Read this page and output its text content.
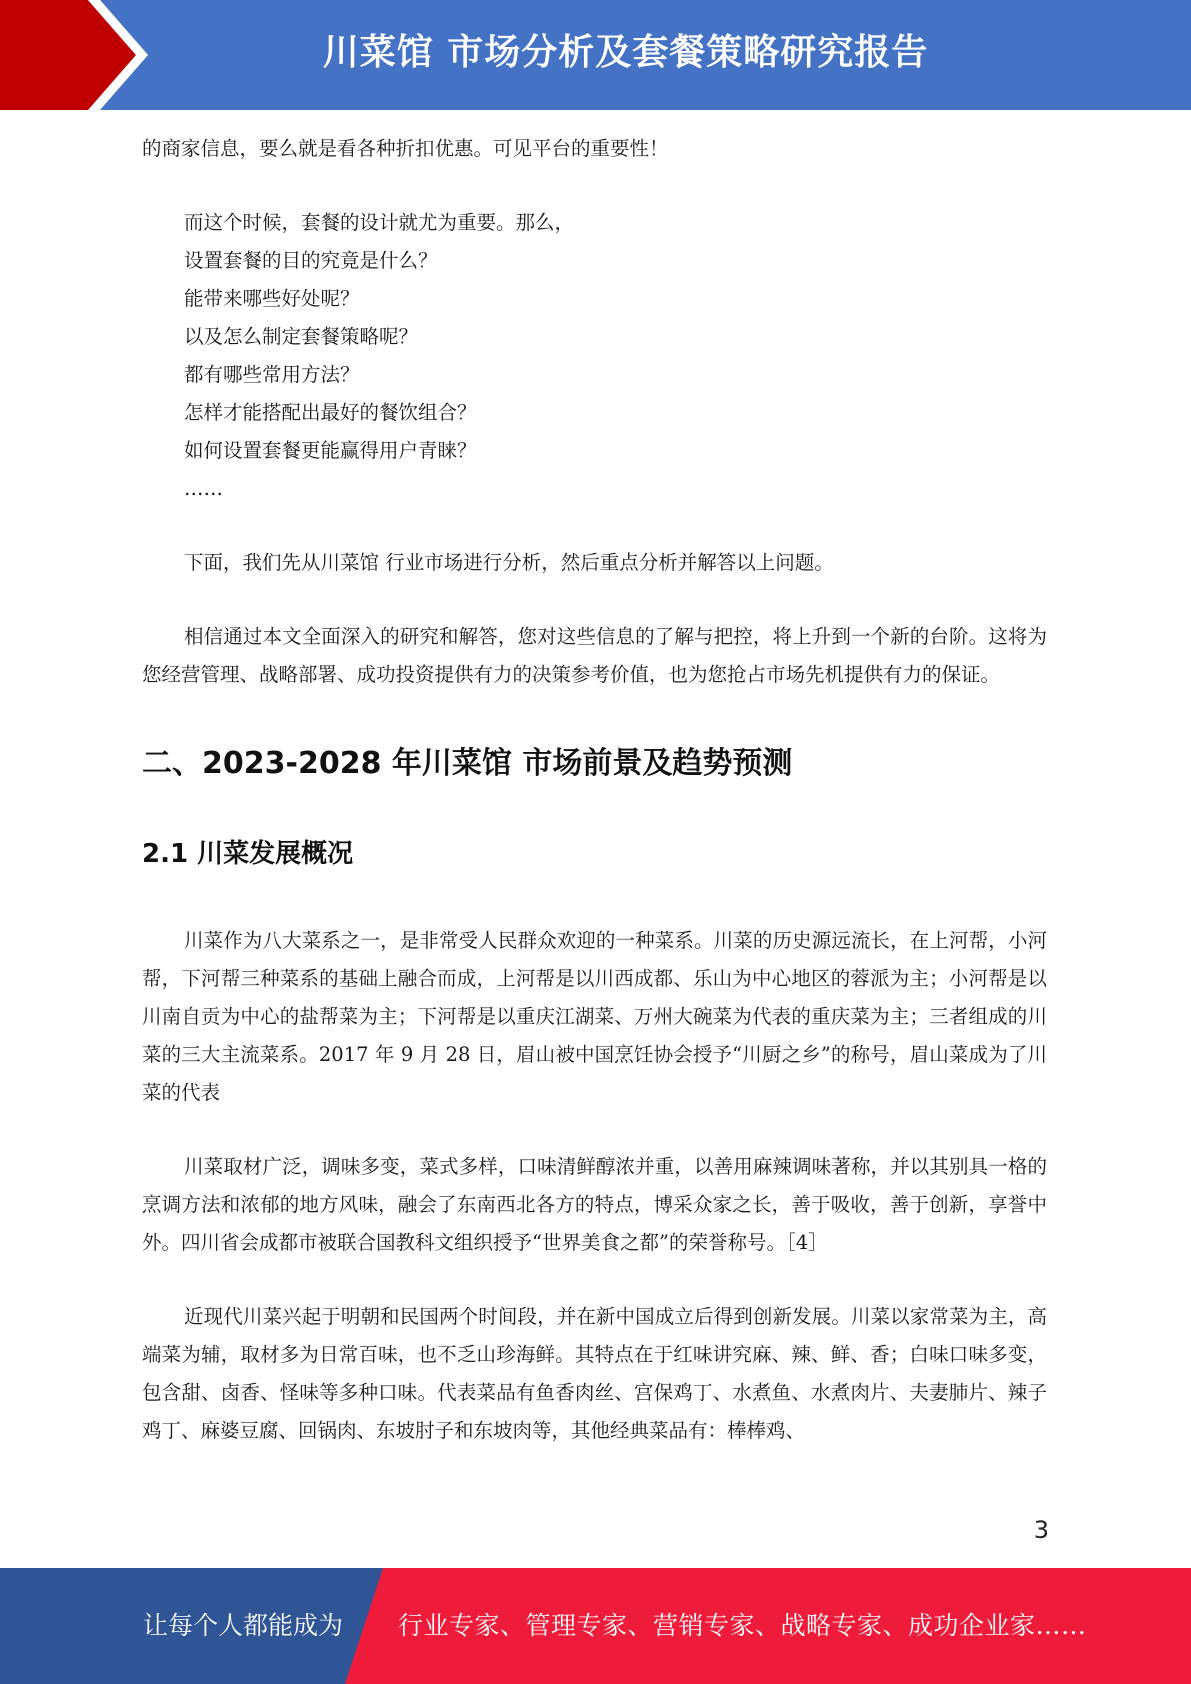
川菜馆 市场分析及套餐策略研究报告

的商家信息，要么就是看各种折扣优惠。可见平台的重要性！

而这个时候，套餐的设计就尤为重要。那么，
设置套餐的目的究竟是什么？
能带来哪些好处呢？
以及怎么制定套餐策略呢？
都有哪些常用方法？
怎样才能搭配出最好的餐饮组合？
如何设置套餐更能赢得用户青睐？
……

下面，我们先从川菜馆 行业市场进行分析，然后重点分析并解答以上问题。

相信通过本文全面深入的研究和解答，您对这些信息的了解与把控，将上升到一个新的台阶。这将为您经营管理、战略部署、成功投资提供有力的决策参考价值，也为您抢占市场先机提供有力的保证。

二、2023-2028 年川菜馆 市场前景及趋势预测
2.1 川菜发展概况

川菜作为八大菜系之一，是非常受人民群众欢迎的一种菜系。川菜的历史源远流长，在上河帮，小河帮，下河帮三种菜系的基础上融合而成，上河帮是以川西成都、乐山为中心地区的蓉派为主；小河帮是以川南自贡为中心的盐帮菜为主；下河帮是以重庆江湖菜、万州大碗菜为代表的重庆菜为主；三者组成的川菜的三大主流菜系。2017 年 9 月 28 日，眉山被中国烹饪协会授予“川厨之乡”的称号，眉山菜成为了川菜的代表

川菜取材广泛，调味多变，菜式多样，口味清鲜醇浓并重，以善用麻辣调味著称，并以其别具一格的烹调方法和浓郁的地方风味，融会了东南西北各方的特点，博采众家之长，善于吸收，善于创新，享誉中外。四川省会成都市被联合国教科文组织授予“世界美食之都”的荣誉称号。［4］

近现代川菜兴起于明朝和民国两个时间段，并在新中国成立后得到创新发展。川菜以家常菜为主，高端菜为辅，取材多为日常百味，也不乏山珍海鲜。其特点在于红味讲究麻、辣、鲜、香；白味口味多变，包含甜、卤香、怪味等多种口味。代表菜品有鱼香肉丝、宫保鸡丁、水煮鱼、水煮肉片、夫妻肺片、辣子鸡丁、麻婆豆腐、回锅肉、东坡肘子和东坡肉等，其他经典菜品有：棒棒鸡、

3
让每个人都能成为 行业专家、管理专家、营销专家、战略专家、成功企业家……
